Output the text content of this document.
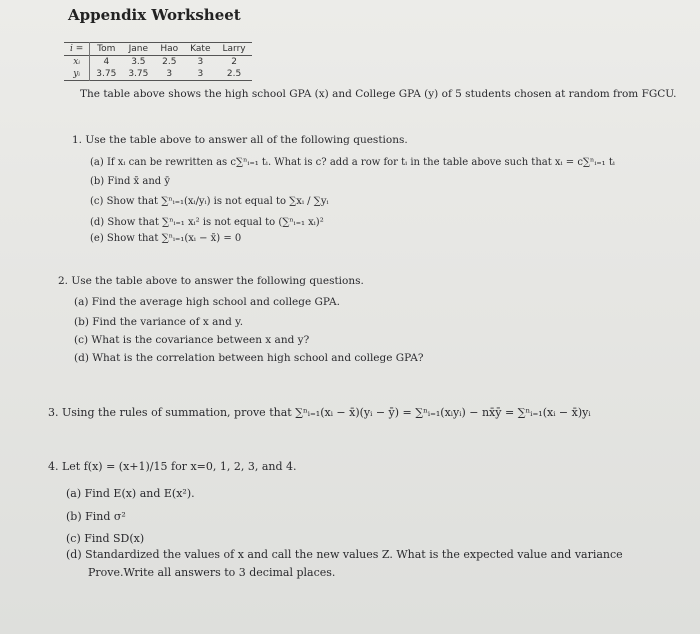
Appendix Worksheet
i =	Tom	Jane	Hao	Kate	Larry
xᵢ	4	3.5	2.5	3	2
yᵢ	3.75	3.75	3	3	2.5
The table above shows the high school GPA (x) and College GPA (y) of 5 students chosen at random from FGCU.
1. Use the table above to answer all of the following questions.
(a) If xᵢ can be rewritten as c∑ⁿᵢ₌₁ tᵢ. What is c? add a row for tᵢ in the table above such that xᵢ = c∑ⁿᵢ₌₁ tᵢ
(b) Find x̄ and ȳ
(c) Show that ∑ⁿᵢ₌₁(xᵢ/yᵢ) is not equal to ∑xᵢ / ∑yᵢ
(d) Show that ∑ⁿᵢ₌₁ xᵢ² is not equal to (∑ⁿᵢ₌₁ xᵢ)²
(e) Show that ∑ⁿᵢ₌₁(xᵢ − x̄) = 0
2. Use the table above to answer the following questions.
(a) Find the average high school and college GPA.
(b) Find the variance of x and y.
(c) What is the covariance between x and y?
(d) What is the correlation between high school and college GPA?
3. Using the rules of summation, prove that ∑ⁿᵢ₌₁(xᵢ − x̄)(yᵢ − ȳ) = ∑ⁿᵢ₌₁(xᵢyᵢ) − nx̄ȳ = ∑ⁿᵢ₌₁(xᵢ − x̄)yᵢ
4. Let f(x) = (x+1)/15 for x=0, 1, 2, 3, and 4.
(a) Find E(x) and E(x²).
(b) Find σ²
(c) Find SD(x)
(d) Standardized the values of x and call the new values Z. What is the expected value and variance
Prove.Write all answers to 3 decimal places.
